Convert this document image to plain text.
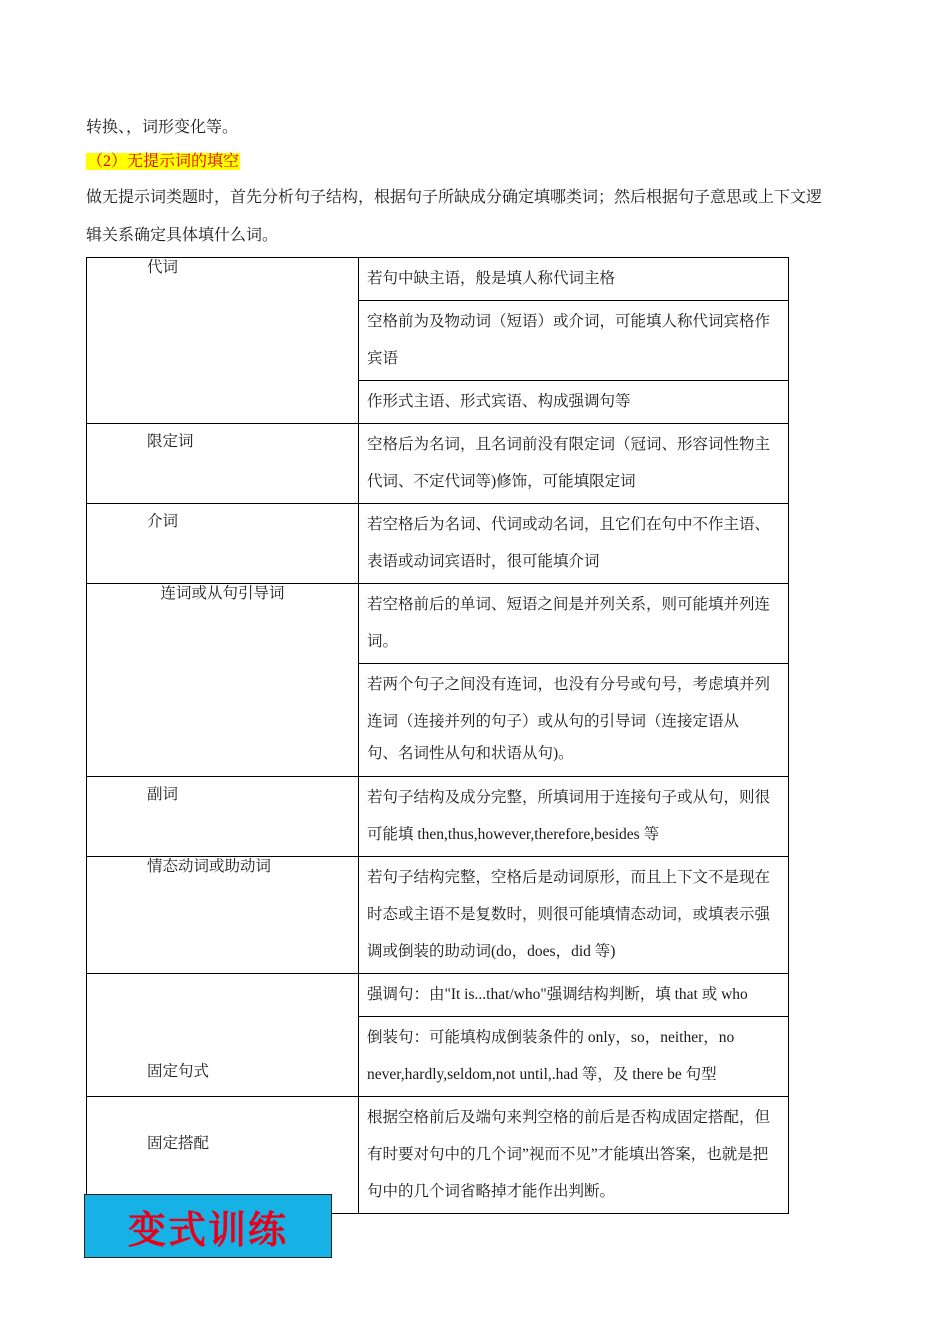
转换、，词形变化等。
（2）无提示词的填空
做无提示词类题时，首先分析句子结构，根据句子所缺成分确定填哪类词；然后根据句子意思或上下文逻
辑关系确定具体填什么词。
代词	若句中缺主语，般是填人称代词主格

	空格前为及物动词（短语）或介词，可能填人称代词宾格作宾语

	作形式主语、形式宾语、构成强调句等

限定词	空格后为名词，且名词前没有限定词（冠词、形容词性物主代词、不定代词等)修饰，可能填限定词

介词	若空格后为名词、代词或动名词，且它们在句中不作主语、表语或动词宾语时，很可能填介词

连词或从句引导词	若空格前后的单词、短语之间是并列关系，则可能填并列连词。

	若两个句子之间没有连词，也没有分号或句号，考虑填并列连词（连接并列的句子）或从句的引导词（连接定语从
句、名词性从句和状语从句)。

副词	若句子结构及成分完整，所填词用于连接句子或从句，则很可能填 then,thus,however,therefore,besides 等

情态动词或助动词	若句子结构完整，空格后是动词原形，而且上下文不是现在时态或主语不是复数时，则很可能填情态动词，或填表示强调或倒装的助动词(do，does，did 等)

固定句式	强调句：由"It is...that/who"强调结构判断，填 that 或 who

	倒装句：可能填构成倒装条件的 only，so，neither，no never,hardly,seldom,not until,.had 等，及 there be 句型

固定搭配	根据空格前后及端句来判空格的前后是否构成固定搭配，但有时要对句中的几个词”视而不见”才能填出答案，也就是把句中的几个词省略掉才能作出判断。
变式训练
